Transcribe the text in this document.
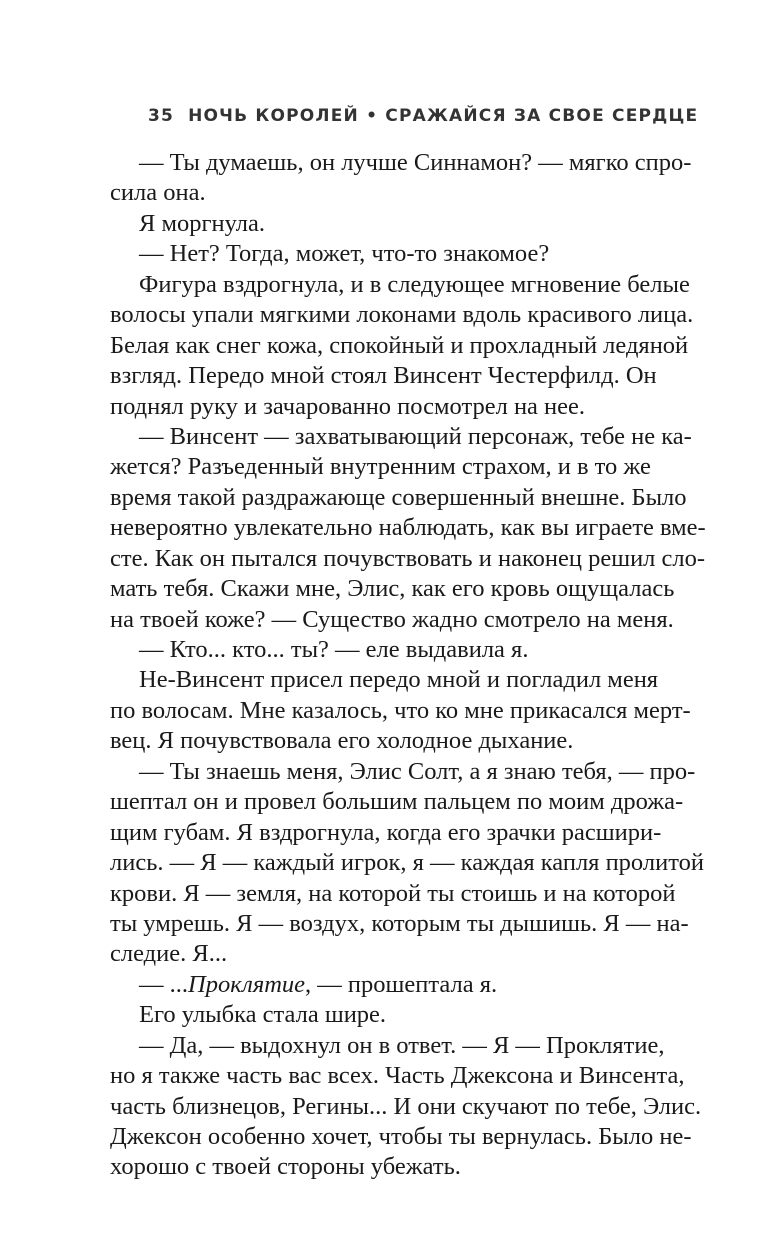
35 НОЧЬ КОРОЛЕЙ • СРАЖАЙСЯ ЗА СВОЕ СЕРДЦЕ
— Ты думаешь, он лучше Синнамон? — мягко спро-
сила она.
Я моргнула.
— Нет? Тогда, может, что-то знакомое?
Фигура вздрогнула, и в следующее мгновение белые
волосы упали мягкими локонами вдоль красивого лица.
Белая как снег кожа, спокойный и прохладный ледяной
взгляд. Передо мной стоял Винсент Честерфилд. Он
поднял руку и зачарованно посмотрел на нее.
— Винсент — захватывающий персонаж, тебе не ка-
жется? Разъеденный внутренним страхом, и в то же
время такой раздражающе совершенный внешне. Было
невероятно увлекательно наблюдать, как вы играете вме-
сте. Как он пытался почувствовать и наконец решил сло-
мать тебя. Скажи мне, Элис, как его кровь ощущалась
на твоей коже? — Существо жадно смотрело на меня.
— Кто... кто... ты? — еле выдавила я.
Не-Винсент присел передо мной и погладил меня
по волосам. Мне казалось, что ко мне прикасался мерт-
вец. Я почувствовала его холодное дыхание.
— Ты знаешь меня, Элис Солт, а я знаю тебя, — про-
шептал он и провел большим пальцем по моим дрожа-
щим губам. Я вздрогнула, когда его зрачки расшири-
лись. — Я — каждый игрок, я — каждая капля пролитой
крови. Я — земля, на которой ты стоишь и на которой
ты умрешь. Я — воздух, которым ты дышишь. Я — на-
следие. Я...
— ...Проклятие, — прошептала я.
Его улыбка стала шире.
— Да, — выдохнул он в ответ. — Я — Проклятие,
но я также часть вас всех. Часть Джексона и Винсента,
часть близнецов, Регины... И они скучают по тебе, Элис.
Джексон особенно хочет, чтобы ты вернулась. Было не-
хорошо с твоей стороны убежать.
